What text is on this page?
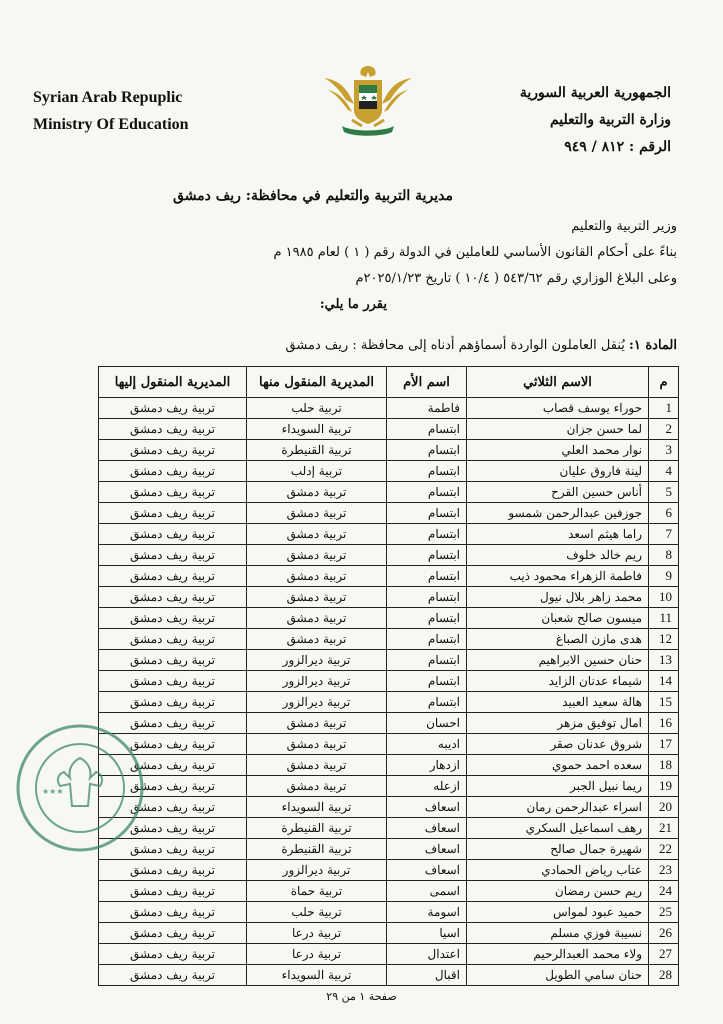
Syrian Arab Repuplic
Ministry Of Education
الجمهورية العربية السورية
وزارة التربية والتعليم
الرقم : ٨١٢ / ٩٤٩
مديرية التربية والتعليم في محافظة: ريف دمشق
وزير التربية والتعليم
بناءً على أحكام القانون الأساسي للعاملين في الدولة رقم ( ١ ) لعام ١٩٨٥ م
وعلى البلاغ الوزاري رقم ٥٤٣/٦٢ ( ١٠/٤ ) تاريخ ٢٠٢٥/١/٢٣م
يقرر ما يلي:
المادة ١: يُنقل العاملون الواردة أسماؤهم أدناه إلى محافظة : ريف دمشق
م	الاسم الثلاثي	اسم الأم	المديرية المنقول منها	المديرية المنقول إليها
1	حوراء يوسف قصاب	فاطمة	تربية حلب	تربية ريف دمشق
2	لما حسن جزان	ابتسام	تربية السويداء	تربية ريف دمشق
3	نوار محمد العلي	ابتسام	تربية القنيطرة	تربية ريف دمشق
4	لينة فاروق عليان	ابتسام	تربية إدلب	تربية ريف دمشق
5	أناس حسين القرح	ابتسام	تربية دمشق	تربية ريف دمشق
6	جوزفين عبدالرحمن شمسو	ابتسام	تربية دمشق	تربية ريف دمشق
7	راما هيثم اسعد	ابتسام	تربية دمشق	تربية ريف دمشق
8	ريم خالد خلوف	ابتسام	تربية دمشق	تربية ريف دمشق
9	فاطمة الزهراء محمود ذيب	ابتسام	تربية دمشق	تربية ريف دمشق
10	محمد زاهر بلال نيول	ابتسام	تربية دمشق	تربية ريف دمشق
11	ميسون صالح شعبان	ابتسام	تربية دمشق	تربية ريف دمشق
12	هدى مازن الصباغ	ابتسام	تربية دمشق	تربية ريف دمشق
13	حنان حسين الابراهيم	ابتسام	تربية ديرالزور	تربية ريف دمشق
14	شيماء عدنان الزايد	ابتسام	تربية ديرالزور	تربية ريف دمشق
15	هالة سعيد العبيد	ابتسام	تربية ديرالزور	تربية ريف دمشق
16	امال توفيق مزهر	احسان	تربية دمشق	تربية ريف دمشق
17	شروق عدنان صقر	اديبه	تربية دمشق	تربية ريف دمشق
18	سعده احمد حموي	ازدهار	تربية دمشق	تربية ريف دمشق
19	ريما نبيل الجبر	ازعله	تربية دمشق	تربية ريف دمشق
20	اسراء عبدالرحمن رمان	اسعاف	تربية السويداء	تربية ريف دمشق
21	رهف اسماعيل السكري	اسعاف	تربية القنيطرة	تربية ريف دمشق
22	شهيرة جمال صالح	اسعاف	تربية القنيطرة	تربية ريف دمشق
23	عتاب رياض الحمادي	اسعاف	تربية ديرالزور	تربية ريف دمشق
24	ريم حسن رمضان	اسمى	تربية حماة	تربية ريف دمشق
25	حميد عبود لمواس	اسومة	تربية حلب	تربية ريف دمشق
26	نسيبة فوزي مسلم	اسيا	تربية درعا	تربية ريف دمشق
27	ولاء محمد العبدالرحيم	اعتدال	تربية درعا	تربية ريف دمشق
28	حنان سامي الطويل	اقبال	تربية السويداء	تربية ريف دمشق
★★★
صفحة ١ من ٢٩
